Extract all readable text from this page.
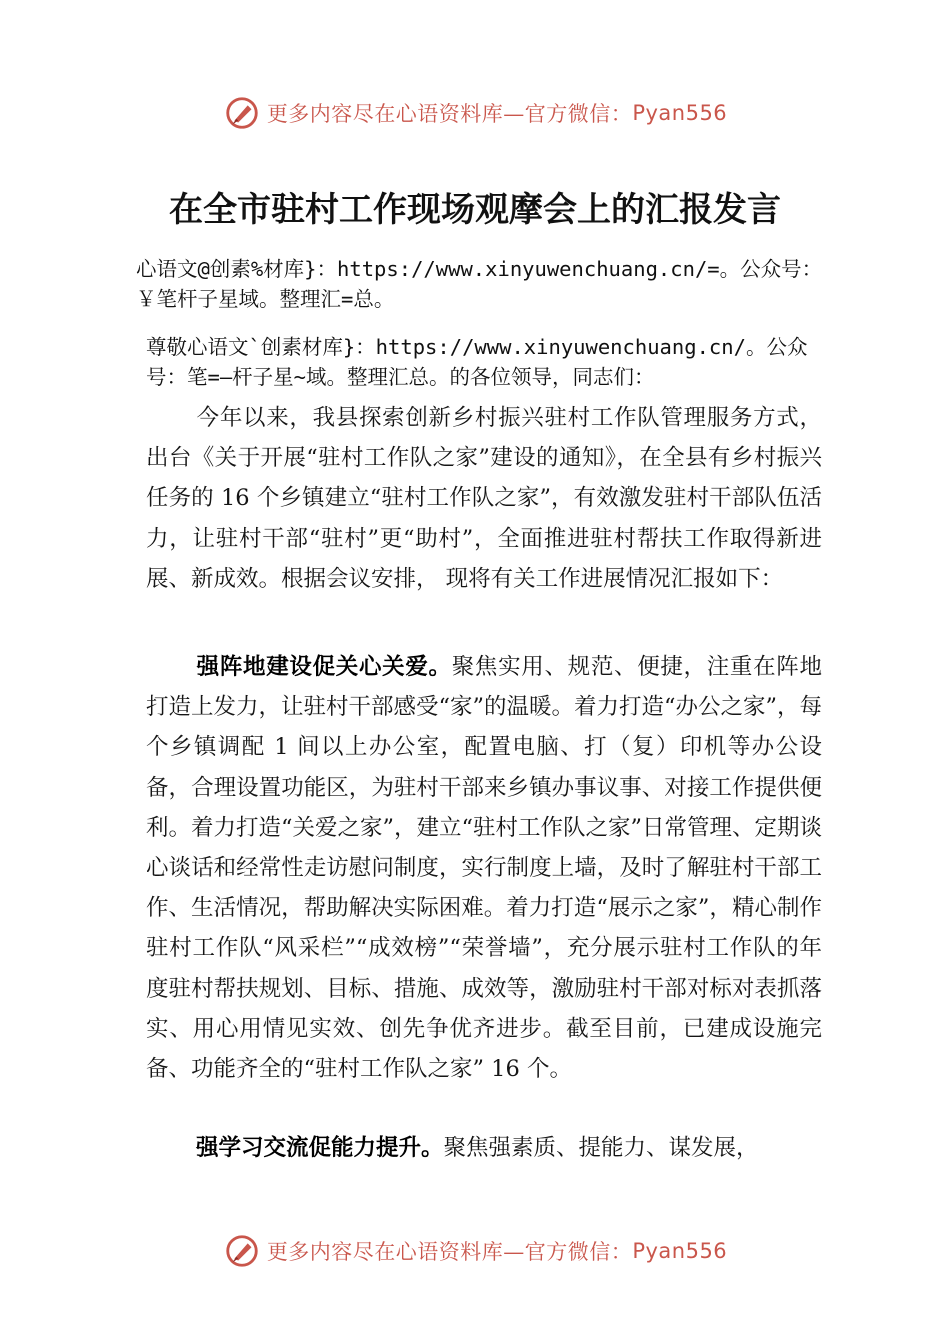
更多内容尽在心语资料库—官方微信： Pyan556
在全市驻村工作现场观摩会上的汇报发言

心语文@创素%材库}：https://www.xinyuwenchuang.cn/=。公众号：￥笔杆子星域。整理汇=总。

尊敬心语文`创素材库}：https://www.xinyuwenchuang.cn/。公众号：笔=—杆子星~域。整理汇总。的各位领导，同志们：

今年以来，我县探索创新乡村振兴驻村工作队管理服务方式，出台《关于开展“驻村工作队之家”建设的通知》，在全县有乡村振兴任务的 16 个乡镇建立“驻村工作队之家”，有效激发驻村干部队伍活力，让驻村干部“驻村”更“助村”，全面推进驻村帮扶工作取得新进展、新成效。根据会议安排， 现将有关工作进展情况汇报如下：

强阵地建设促关心关爱。聚焦实用、规范、便捷，注重在阵地打造上发力，让驻村干部感受“家”的温暖。着力打造“办公之家”，每个乡镇调配 1 间以上办公室，配置电脑、打（复）印机等办公设备，合理设置功能区，为驻村干部来乡镇办事议事、对接工作提供便利。着力打造“关爱之家”，建立“驻村工作队之家”日常管理、定期谈心谈话和经常性走访慰问制度，实行制度上墙，及时了解驻村干部工作、生活情况，帮助解决实际困难。着力打造“展示之家”，精心制作驻村工作队“风采栏”“成效榜”“荣誉墙”，充分展示驻村工作队的年度驻村帮扶规划、目标、措施、成效等，激励驻村干部对标对表抓落实、用心用情见实效、创先争优齐进步。截至目前，已建成设施完备、功能齐全的“驻村工作队之家” 16 个。

强学习交流促能力提升。聚焦强素质、提能力、谋发展，

更多内容尽在心语资料库—官方微信： Pyan556
